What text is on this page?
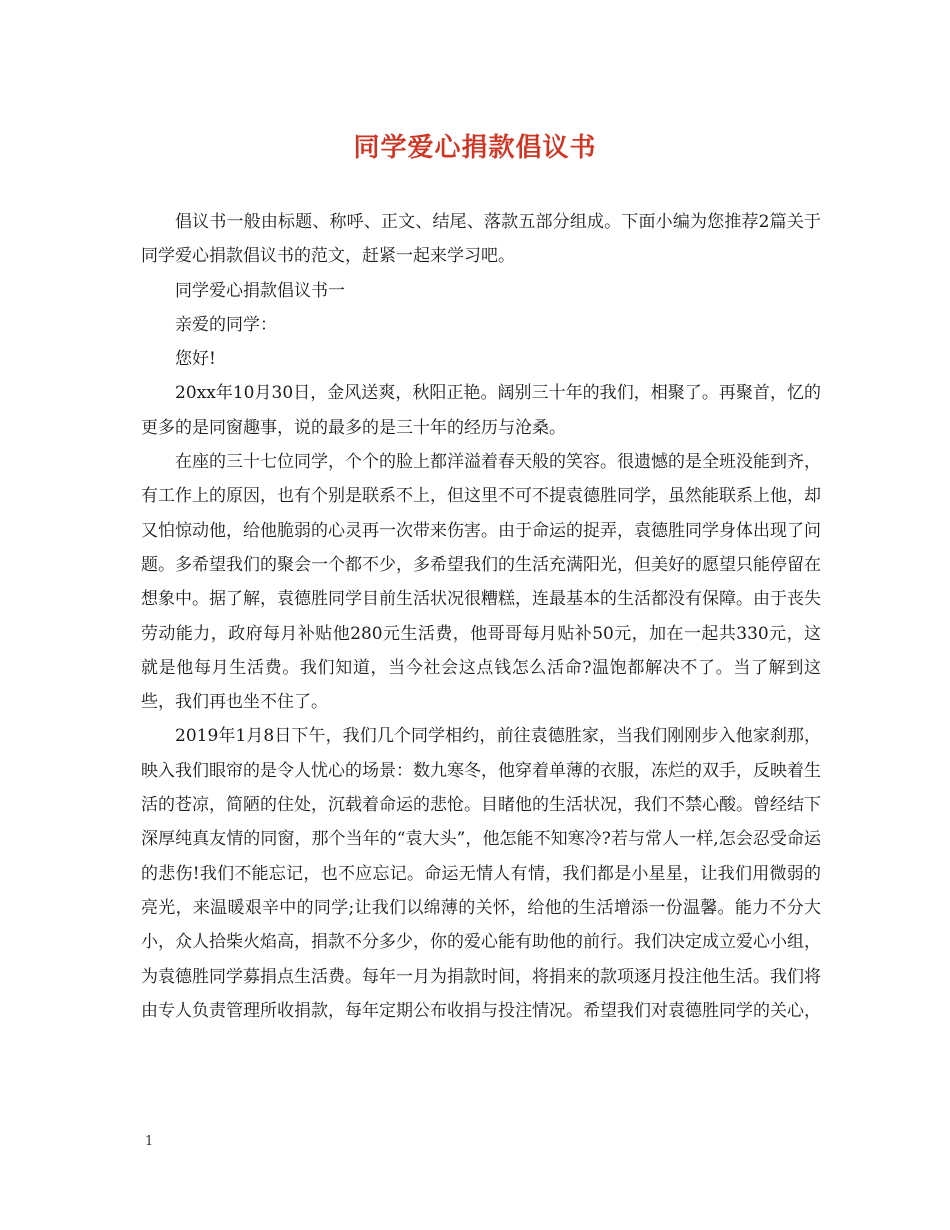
同学爱心捐款倡议书

倡议书一般由标题、称呼、正文、结尾、落款五部分组成。下面小编为您推荐2篇关于同学爱心捐款倡议书的范文，赶紧一起来学习吧。

同学爱心捐款倡议书一

亲爱的同学：

您好!

20xx年10月30日，金风送爽，秋阳正艳。阔别三十年的我们，相聚了。再聚首，忆的更多的是同窗趣事，说的最多的是三十年的经历与沧桑。

在座的三十七位同学，个个的脸上都洋溢着春天般的笑容。很遗憾的是全班没能到齐，有工作上的原因，也有个别是联系不上，但这里不可不提袁德胜同学，虽然能联系上他，却又怕惊动他，给他脆弱的心灵再一次带来伤害。由于命运的捉弄，袁德胜同学身体出现了问题。多希望我们的聚会一个都不少，多希望我们的生活充满阳光，但美好的愿望只能停留在想象中。据了解，袁德胜同学目前生活状况很糟糕，连最基本的生活都没有保障。由于丧失劳动能力，政府每月补贴他280元生活费，他哥哥每月贴补50元，加在一起共330元，这就是他每月生活费。我们知道，当今社会这点钱怎么活命?温饱都解决不了。当了解到这些，我们再也坐不住了。

2019年1月8日下午，我们几个同学相约，前往袁德胜家，当我们刚刚步入他家刹那，映入我们眼帘的是令人忧心的场景：数九寒冬，他穿着单薄的衣服，冻烂的双手，反映着生活的苍凉，简陋的住处，沉载着命运的悲怆。目睹他的生活状况，我们不禁心酸。曾经结下深厚纯真友情的同窗，那个当年的“袁大头”，他怎能不知寒冷?若与常人一样,怎会忍受命运的悲伤!我们不能忘记，也不应忘记。命运无情人有情，我们都是小星星，让我们用微弱的亮光，来温暖艰辛中的同学;让我们以绵薄的关怀，给他的生活增添一份温馨。能力不分大小，众人拾柴火焰高，捐款不分多少，你的爱心能有助他的前行。我们决定成立爱心小组，为袁德胜同学募捐点生活费。每年一月为捐款时间，将捐来的款项逐月投注他生活。我们将由专人负责管理所收捐款，每年定期公布收捐与投注情况。希望我们对袁德胜同学的关心，

1
